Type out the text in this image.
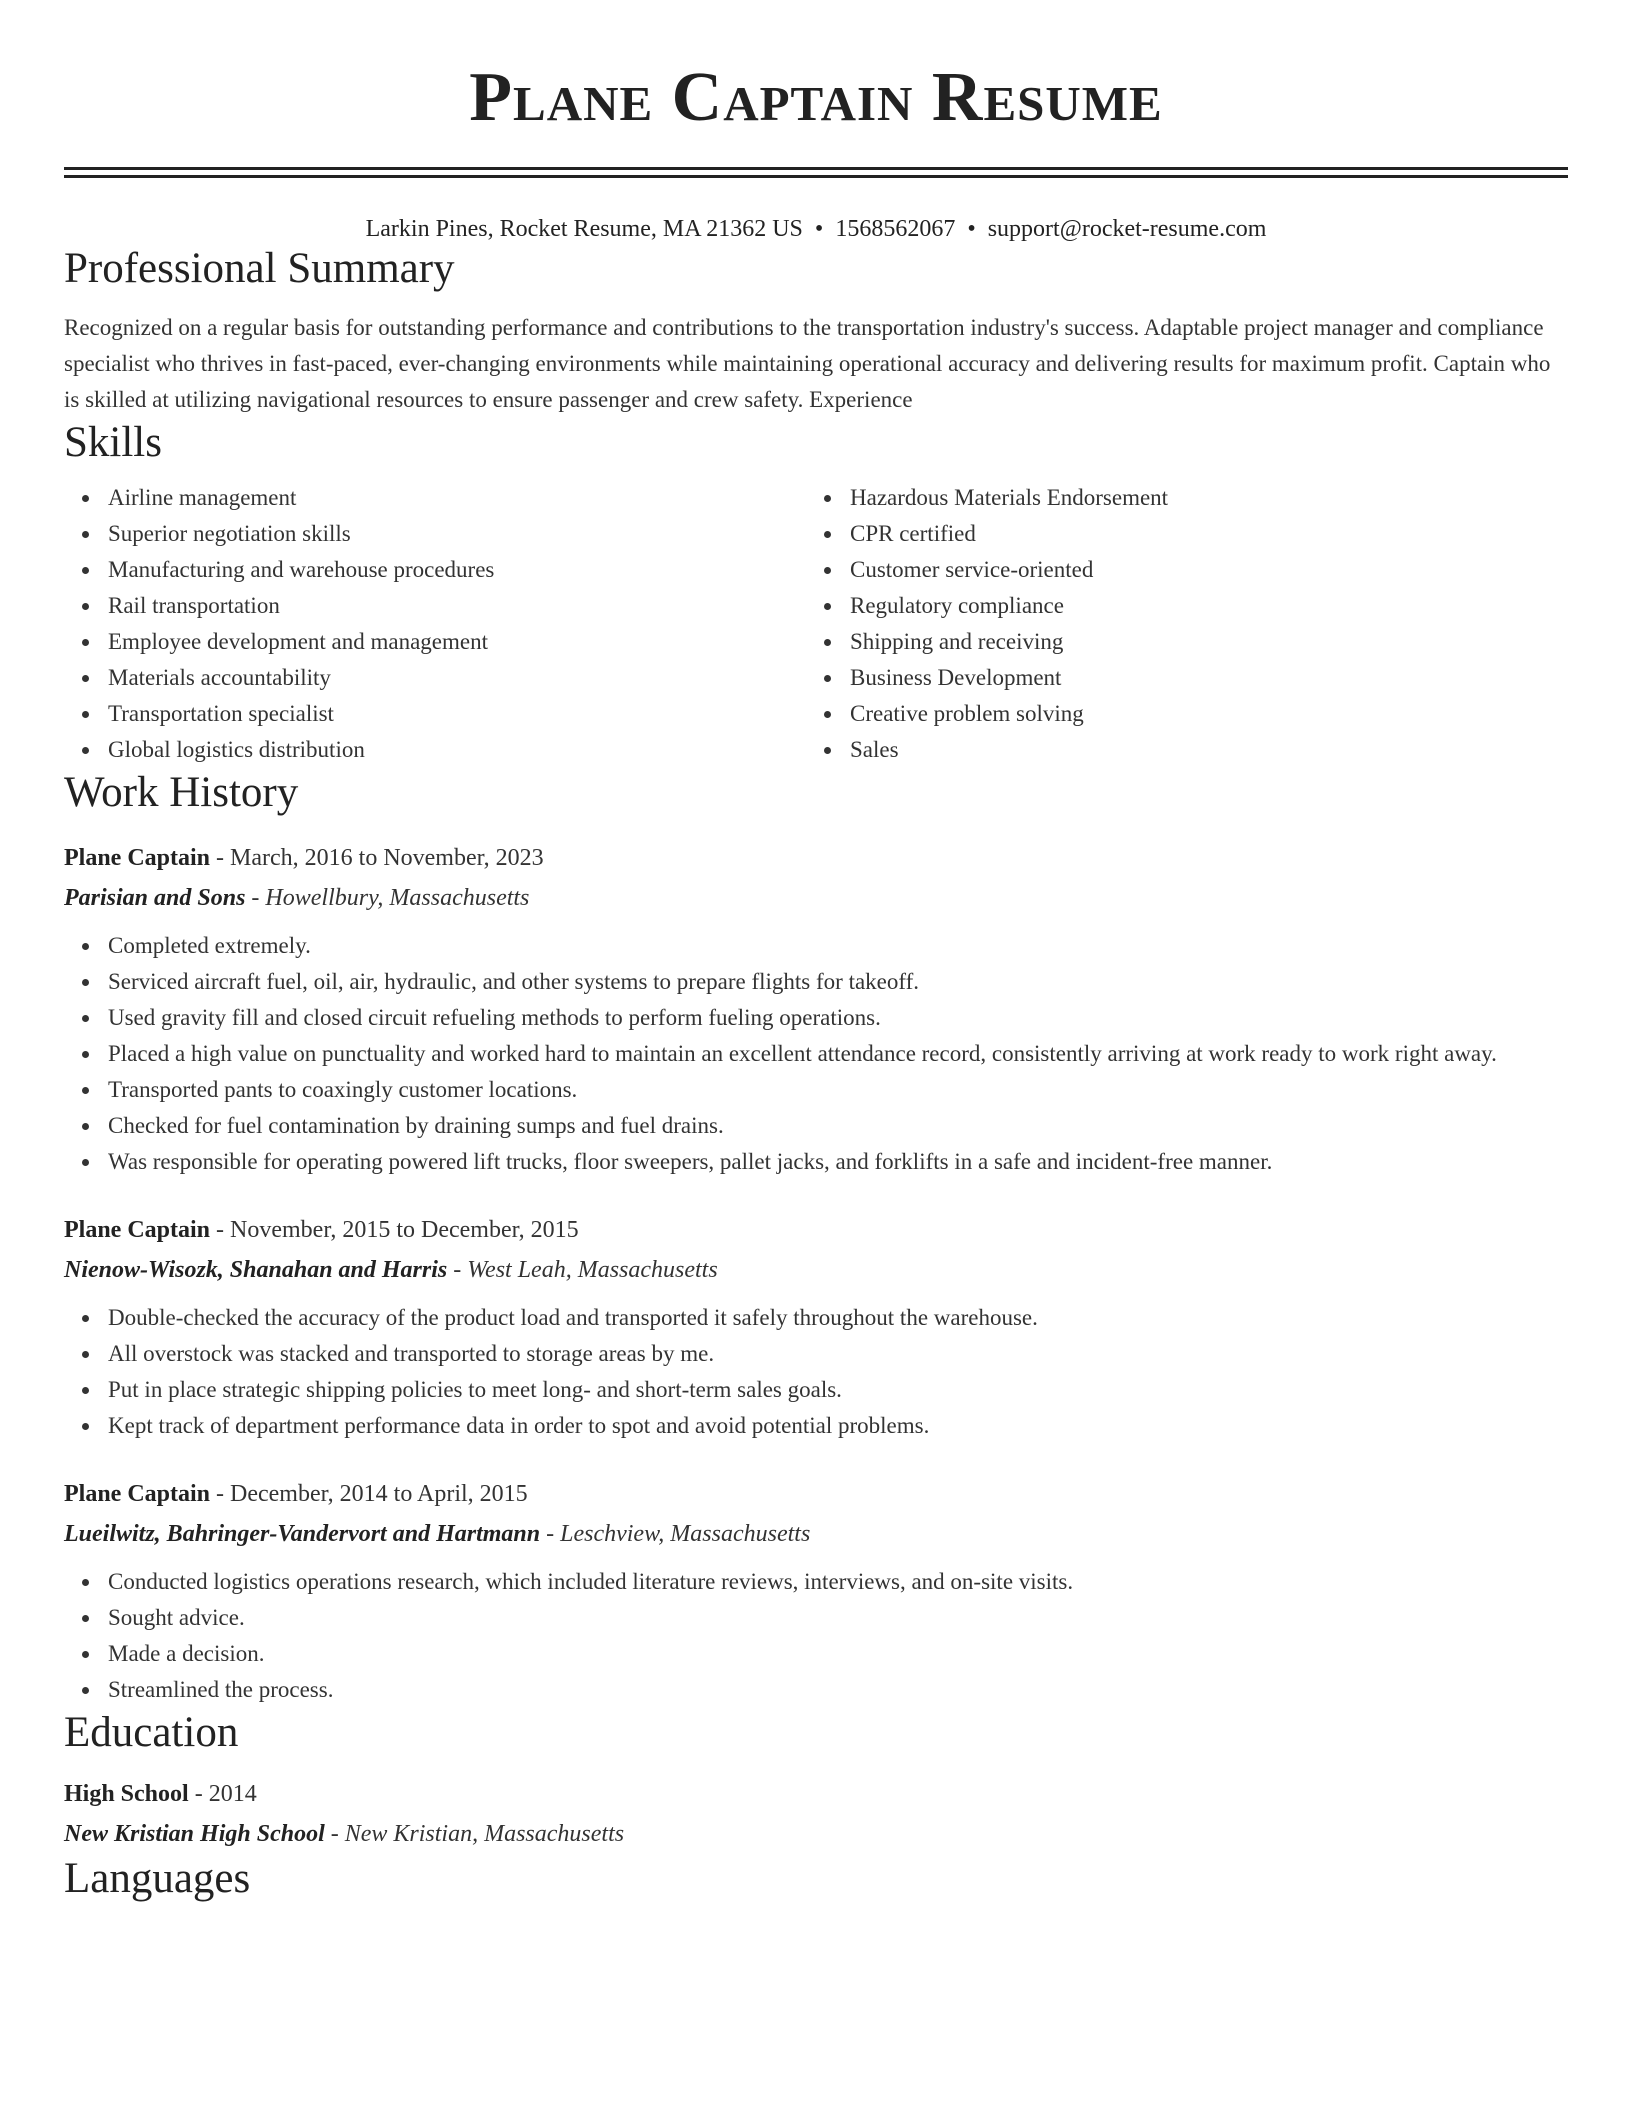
Plane Captain Resume
Larkin Pines, Rocket Resume, MA 21362 US • 1568562067 • support@rocket-resume.com
Professional Summary

Recognized on a regular basis for outstanding performance and contributions to the transportation industry's success. Adaptable project manager and compliance specialist who thrives in fast-paced, ever-changing environments while maintaining operational accuracy and delivering results for maximum profit. Captain who is skilled at utilizing navigational resources to ensure passenger and crew safety. Experience

Skills
Airline management
Superior negotiation skills
Manufacturing and warehouse procedures
Rail transportation
Employee development and management
Materials accountability
Transportation specialist
Global logistics distribution
Hazardous Materials Endorsement
CPR certified
Customer service-oriented
Regulatory compliance
Shipping and receiving
Business Development
Creative problem solving
Sales
Work History
Plane Captain - March, 2016 to November, 2023
Parisian and Sons - Howellbury, Massachusetts
Completed extremely.
Serviced aircraft fuel, oil, air, hydraulic, and other systems to prepare flights for takeoff.
Used gravity fill and closed circuit refueling methods to perform fueling operations.
Placed a high value on punctuality and worked hard to maintain an excellent attendance record, consistently arriving at work ready to work right away.
Transported pants to coaxingly customer locations.
Checked for fuel contamination by draining sumps and fuel drains.
Was responsible for operating powered lift trucks, floor sweepers, pallet jacks, and forklifts in a safe and incident-free manner.
Plane Captain - November, 2015 to December, 2015
Nienow-Wisozk, Shanahan and Harris - West Leah, Massachusetts
Double-checked the accuracy of the product load and transported it safely throughout the warehouse.
All overstock was stacked and transported to storage areas by me.
Put in place strategic shipping policies to meet long- and short-term sales goals.
Kept track of department performance data in order to spot and avoid potential problems.
Plane Captain - December, 2014 to April, 2015
Lueilwitz, Bahringer-Vandervort and Hartmann - Leschview, Massachusetts
Conducted logistics operations research, which included literature reviews, interviews, and on-site visits.
Sought advice.
Made a decision.
Streamlined the process.
Education
High School - 2014
New Kristian High School - New Kristian, Massachusetts
Languages
